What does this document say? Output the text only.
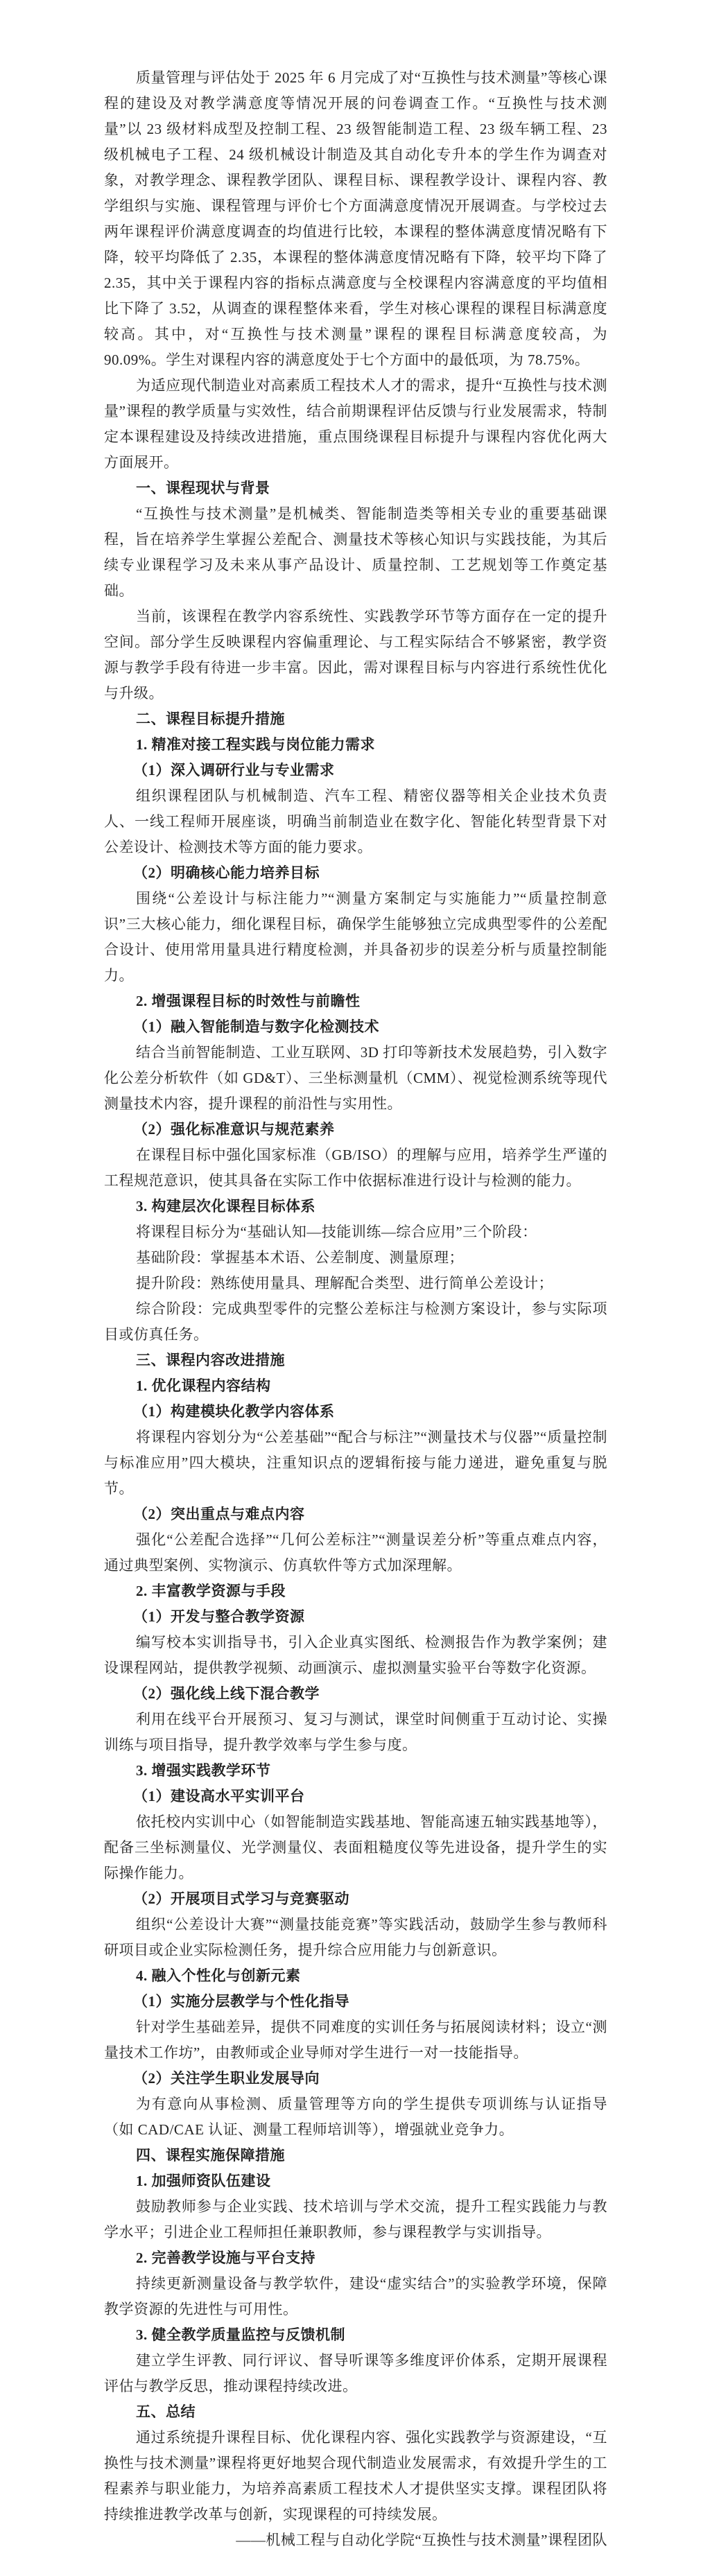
质量管理与评估处于 2025 年 6 月完成了对“互换性与技术测量”等核心课程的建设及对教学满意度等情况开展的问卷调查工作。“互换性与技术测量”以 23 级材料成型及控制工程、23 级智能制造工程、23 级车辆工程、23 级机械电子工程、24 级机械设计制造及其自动化专升本的学生作为调查对象，对教学理念、课程教学团队、课程目标、课程教学设计、课程内容、教学组织与实施、课程管理与评价七个方面满意度情况开展调查。与学校过去两年课程评价满意度调查的均值进行比较，本课程的整体满意度情况略有下降，较平均降低了 2.35，本课程的整体满意度情况略有下降，较平均下降了 2.35，其中关于课程内容的指标点满意度与全校课程内容满意度的平均值相比下降了 3.52，从调查的课程整体来看，学生对核心课程的课程目标满意度较高。其中，对“互换性与技术测量”课程的课程目标满意度较高，为 90.09%。学生对课程内容的满意度处于七个方面中的最低项，为 78.75%。

为适应现代制造业对高素质工程技术人才的需求，提升“互换性与技术测量”课程的教学质量与实效性，结合前期课程评估反馈与行业发展需求，特制定本课程建设及持续改进措施，重点围绕课程目标提升与课程内容优化两大方面展开。

一、课程现状与背景

“互换性与技术测量”是机械类、智能制造类等相关专业的重要基础课程，旨在培养学生掌握公差配合、测量技术等核心知识与实践技能，为其后续专业课程学习及未来从事产品设计、质量控制、工艺规划等工作奠定基础。

当前，该课程在教学内容系统性、实践教学环节等方面存在一定的提升空间。部分学生反映课程内容偏重理论、与工程实际结合不够紧密，教学资源与教学手段有待进一步丰富。因此，需对课程目标与内容进行系统性优化与升级。

二、课程目标提升措施

1. 精准对接工程实践与岗位能力需求

（1）深入调研行业与专业需求

组织课程团队与机械制造、汽车工程、精密仪器等相关企业技术负责人、一线工程师开展座谈，明确当前制造业在数字化、智能化转型背景下对公差设计、检测技术等方面的能力要求。

（2）明确核心能力培养目标

围绕“公差设计与标注能力”“测量方案制定与实施能力”“质量控制意识”三大核心能力，细化课程目标，确保学生能够独立完成典型零件的公差配合设计、使用常用量具进行精度检测，并具备初步的误差分析与质量控制能力。

2. 增强课程目标的时效性与前瞻性

（1）融入智能制造与数字化检测技术

结合当前智能制造、工业互联网、3D 打印等新技术发展趋势，引入数字化公差分析软件（如 GD&T）、三坐标测量机（CMM）、视觉检测系统等现代测量技术内容，提升课程的前沿性与实用性。

（2）强化标准意识与规范素养

在课程目标中强化国家标准（GB/ISO）的理解与应用，培养学生严谨的工程规范意识，使其具备在实际工作中依据标准进行设计与检测的能力。

3. 构建层次化课程目标体系

将课程目标分为“基础认知—技能训练—综合应用”三个阶段：

基础阶段：掌握基本术语、公差制度、测量原理；

提升阶段：熟练使用量具、理解配合类型、进行简单公差设计；

综合阶段：完成典型零件的完整公差标注与检测方案设计，参与实际项目或仿真任务。

三、课程内容改进措施

1. 优化课程内容结构

（1）构建模块化教学内容体系

将课程内容划分为“公差基础”“配合与标注”“测量技术与仪器”“质量控制与标准应用”四大模块，注重知识点的逻辑衔接与能力递进，避免重复与脱节。

（2）突出重点与难点内容

强化“公差配合选择”“几何公差标注”“测量误差分析”等重点难点内容，通过典型案例、实物演示、仿真软件等方式加深理解。

2. 丰富教学资源与手段

（1）开发与整合教学资源

编写校本实训指导书，引入企业真实图纸、检测报告作为教学案例；建设课程网站，提供教学视频、动画演示、虚拟测量实验平台等数字化资源。

（2）强化线上线下混合教学

利用在线平台开展预习、复习与测试，课堂时间侧重于互动讨论、实操训练与项目指导，提升教学效率与学生参与度。

3. 增强实践教学环节

（1）建设高水平实训平台

依托校内实训中心（如智能制造实践基地、智能高速五轴实践基地等），配备三坐标测量仪、光学测量仪、表面粗糙度仪等先进设备，提升学生的实际操作能力。

（2）开展项目式学习与竞赛驱动

组织“公差设计大赛”“测量技能竞赛”等实践活动，鼓励学生参与教师科研项目或企业实际检测任务，提升综合应用能力与创新意识。

4. 融入个性化与创新元素

（1）实施分层教学与个性化指导

针对学生基础差异，提供不同难度的实训任务与拓展阅读材料；设立“测量技术工作坊”，由教师或企业导师对学生进行一对一技能指导。

（2）关注学生职业发展导向

为有意向从事检测、质量管理等方向的学生提供专项训练与认证指导（如 CAD/CAE 认证、测量工程师培训等），增强就业竞争力。

四、课程实施保障措施

1. 加强师资队伍建设

鼓励教师参与企业实践、技术培训与学术交流，提升工程实践能力与教学水平；引进企业工程师担任兼职教师，参与课程教学与实训指导。

2. 完善教学设施与平台支持

持续更新测量设备与教学软件，建设“虚实结合”的实验教学环境，保障教学资源的先进性与可用性。

3. 健全教学质量监控与反馈机制

建立学生评教、同行评议、督导听课等多维度评价体系，定期开展课程评估与教学反思，推动课程持续改进。

五、总结

通过系统提升课程目标、优化课程内容、强化实践教学与资源建设，“互换性与技术测量”课程将更好地契合现代制造业发展需求，有效提升学生的工程素养与职业能力，为培养高素质工程技术人才提供坚实支撑。课程团队将持续推进教学改革与创新，实现课程的可持续发展。

——机械工程与自动化学院“互换性与技术测量”课程团队
